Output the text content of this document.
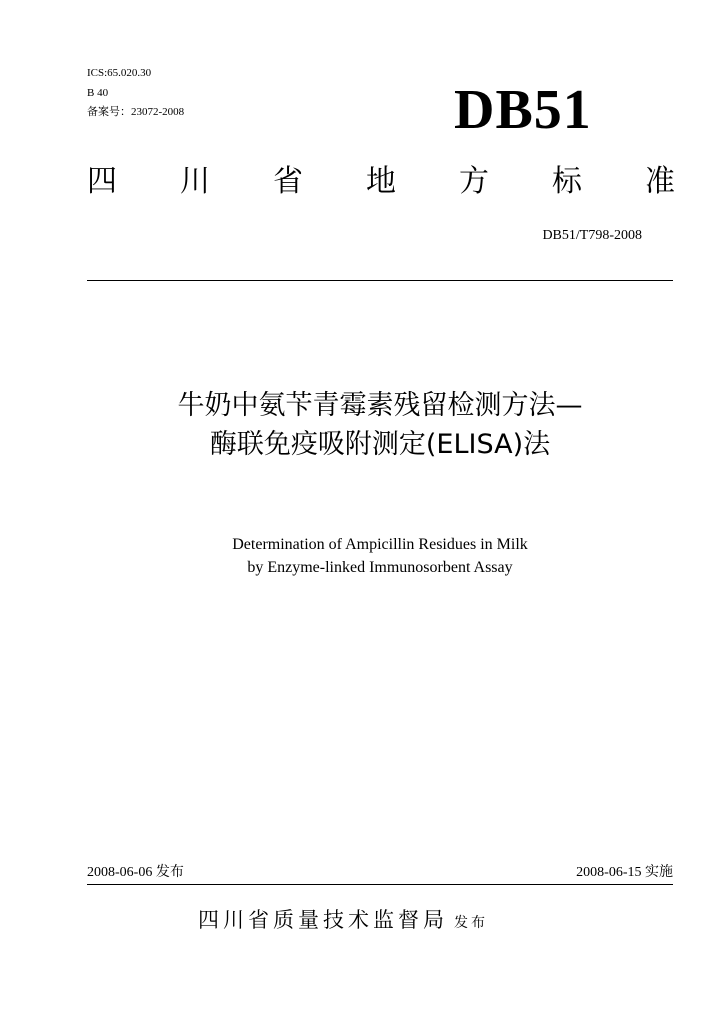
ICS:65.020.30
B 40
备案号：23072-2008	DB51
四 川 省 地 方 标 准
DB51/T798-2008
牛奶中氨苄青霉素残留检测方法—
酶联免疫吸附测定(ELISA)法
Determination of Ampicillin Residues in Milk
by Enzyme-linked Immunosorbent Assay
2008-06-06 发布	2008-06-15 实施
四川省质量技术监督局 发布
